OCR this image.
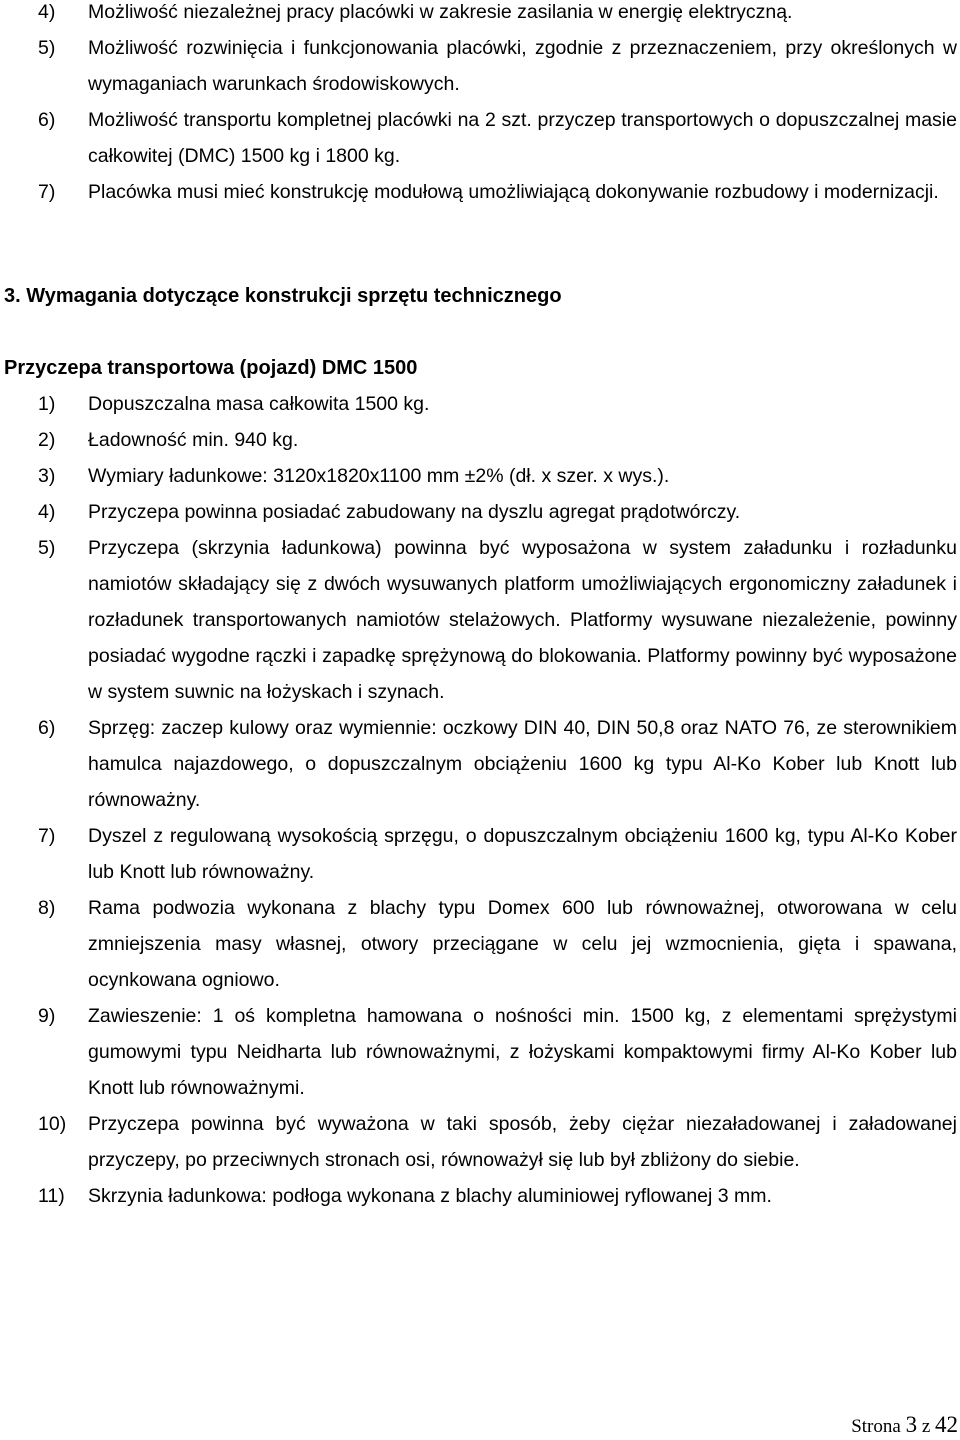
4)	Możliwość niezależnej pracy placówki w zakresie zasilania w energię elektryczną.
5)	Możliwość rozwinięcia i funkcjonowania placówki, zgodnie z przeznaczeniem, przy określonych w wymaganiach warunkach środowiskowych.
6)	Możliwość transportu kompletnej placówki na 2 szt. przyczep transportowych o dopuszczalnej masie całkowitej (DMC) 1500 kg i 1800 kg.
7)	Placówka musi mieć konstrukcję modułową umożliwiającą dokonywanie rozbudowy i modernizacji.
3. Wymagania dotyczące konstrukcji sprzętu technicznego
Przyczepa transportowa (pojazd) DMC 1500
1)	Dopuszczalna masa całkowita 1500 kg.
2)	Ładowność min. 940 kg.
3)	Wymiary ładunkowe: 3120x1820x1100 mm ±2% (dł. x szer. x wys.).
4)	Przyczepa powinna posiadać zabudowany na dyszlu agregat prądotwórczy.
5)	Przyczepa (skrzynia ładunkowa) powinna być wyposażona w system załadunku i rozładunku namiotów składający się z dwóch wysuwanych platform umożliwiających ergonomiczny załadunek i rozładunek transportowanych namiotów stelażowych. Platformy wysuwane niezależenie, powinny posiadać wygodne rączki i zapadkę sprężynową do blokowania. Platformy powinny być wyposażone w system suwnic na łożyskach i szynach.
6)	Sprzęg: zaczep kulowy oraz wymiennie: oczkowy DIN 40, DIN 50,8 oraz NATO 76, ze sterownikiem hamulca najazdowego, o dopuszczalnym obciążeniu 1600 kg typu Al-Ko Kober lub Knott lub równoważny.
7)	Dyszel z regulowaną wysokością sprzęgu, o dopuszczalnym obciążeniu 1600 kg, typu Al-Ko Kober lub Knott lub równoważny.
8)	Rama podwozia wykonana z blachy typu Domex 600 lub równoważnej, otworowana w celu zmniejszenia masy własnej, otwory przeciągane w celu jej wzmocnienia, gięta i spawana, ocynkowana ogniowo.
9)	Zawieszenie: 1 oś kompletna hamowana o nośności min. 1500 kg, z elementami sprężystymi gumowymi typu Neidharta lub równoważnymi, z łożyskami kompaktowymi firmy Al-Ko Kober lub Knott lub równoważnymi.
10)	Przyczepa powinna być wyważona w taki sposób, żeby ciężar niezaładowanej i załadowanej przyczepy, po przeciwnych stronach osi, równoważył się lub był zbliżony do siebie.
11)	Skrzynia ładunkowa: podłoga wykonana z blachy aluminiowej ryflowanej 3 mm.
Strona 3 z 42
